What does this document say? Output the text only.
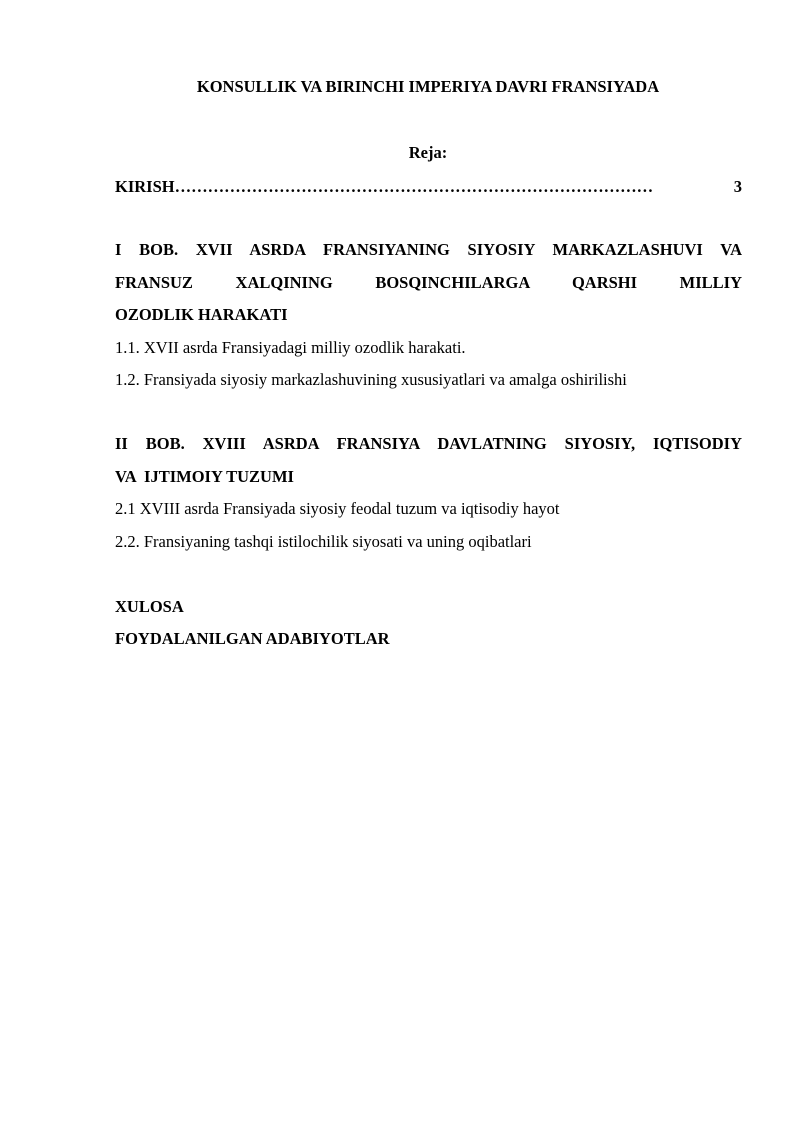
KONSULLIK VA BIRINCHI IMPERIYA DAVRI FRANSIYADA
Reja:
KIRISH ……………………………………………………………………………	3
I BOB. XVII ASRDA FRANSIYANING SIYOSIY MARKAZLASHUVI VA
FRANSUZ XALQINING BOSQINCHILARGA QARSHI MILLIY
OZODLIK HARAKATI
1.1. XVII asrda Fransiyadagi milliy ozodlik harakati.
1.2. Fransiyada siyosiy markazlashuvining xususiyatlari va amalga oshirilishi
II BOB. XVIII ASRDA FRANSIYA DAVLATNING SIYOSIY, IQTISODIY
VA  IJTIMOIY TUZUMI
2.1 XVIII asrda Fransiyada siyosiy feodal tuzum va iqtisodiy hayot
2.2. Fransiyaning tashqi istilochilik siyosati va uning oqibatlari
XULOSA
FOYDALANILGAN ADABIYOTLAR
